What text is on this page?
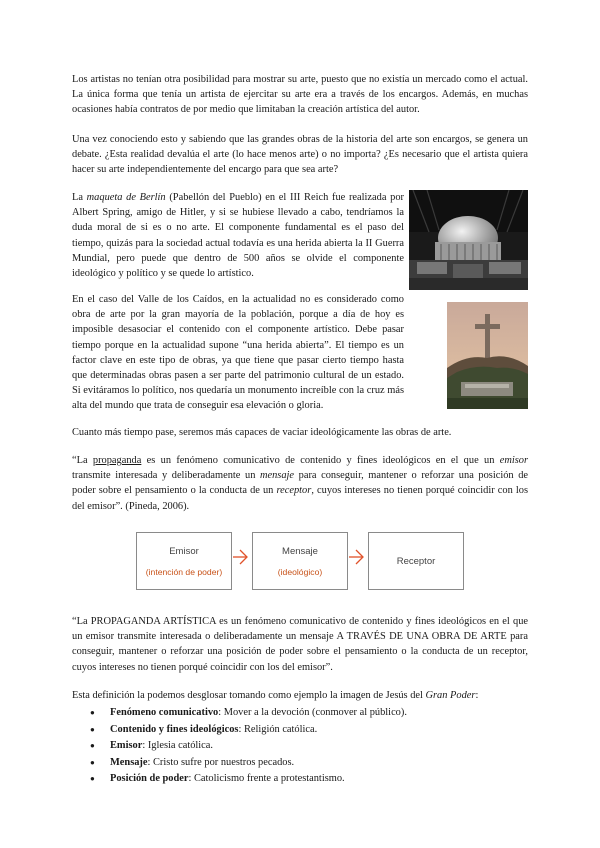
Los artistas no tenían otra posibilidad para mostrar su arte, puesto que no existía un mercado como el actual. La única forma que tenía un artista de ejercitar su arte era a través de los encargos. Además, en muchas ocasiones había contratos de por medio que limitaban la creación artística del autor.

Una vez conociendo esto y sabiendo que las grandes obras de la historia del arte son encargos, se genera un debate. ¿Esta realidad devalúa el arte (lo hace menos arte) o no importa? ¿Es necesario que el artista quiera hacer su arte independientemente del encargo para que sea arte?

La maqueta de Berlín (Pabellón del Pueblo) en el III Reich fue realizada por Albert Spring, amigo de Hitler, y si se hubiese llevado a cabo, tendríamos la duda moral de si es o no arte. El componente fundamental es el paso del tiempo, quizás para la sociedad actual todavía es una herida abierta la II Guerra Mundial, pero puede que dentro de 500 años se olvide el componente ideológico y político y se quede lo artístico.

En el caso del Valle de los Caídos, en la actualidad no es considerado como obra de arte por la gran mayoría de la población, porque a día de hoy es imposible desasociar el contenido con el componente artístico. Debe pasar tiempo porque en la actualidad supone “una herida abierta”. El tiempo es un factor clave en este tipo de obras, ya que tiene que pasar cierto tiempo hasta que determinadas obras pasen a ser parte del patrimonio cultural de un estado. Si evitáramos lo político, nos quedaría un monumento increíble con la cruz más alta del mundo que trata de conseguir esa elevación o gloria.

Cuanto más tiempo pase, seremos más capaces de vaciar ideológicamente las obras de arte.

“La propaganda es un fenómeno comunicativo de contenido y fines ideológicos en el que un emisor transmite interesada y deliberadamente un mensaje para conseguir, mantener o reforzar una posición de poder sobre el pensamiento o la conducta de un receptor, cuyos intereses no tienen porqué coincidir con los del emisor”. (Pineda, 2006).

Emisor
(intención de poder)
Mensaje
(ideológico)
Receptor

“La PROPAGANDA ARTÍSTICA es un fenómeno comunicativo de contenido y fines ideológicos en el que un emisor transmite interesada o deliberadamente un mensaje A TRAVÉS DE UNA OBRA DE ARTE para conseguir, mantener o reforzar una posición de poder sobre el pensamiento o la conducta de un receptor, cuyos intereses no tienen porqué coincidir con los del emisor”.

Esta definición la podemos desglosar tomando como ejemplo la imagen de Jesús del Gran Poder:

● Fenómeno comunicativo: Mover a la devoción (conmover al público).
● Contenido y fines ideológicos: Religión católica.
● Emisor: Iglesia católica.
● Mensaje: Cristo sufre por nuestros pecados.
● Posición de poder: Catolicismo frente a protestantismo.
